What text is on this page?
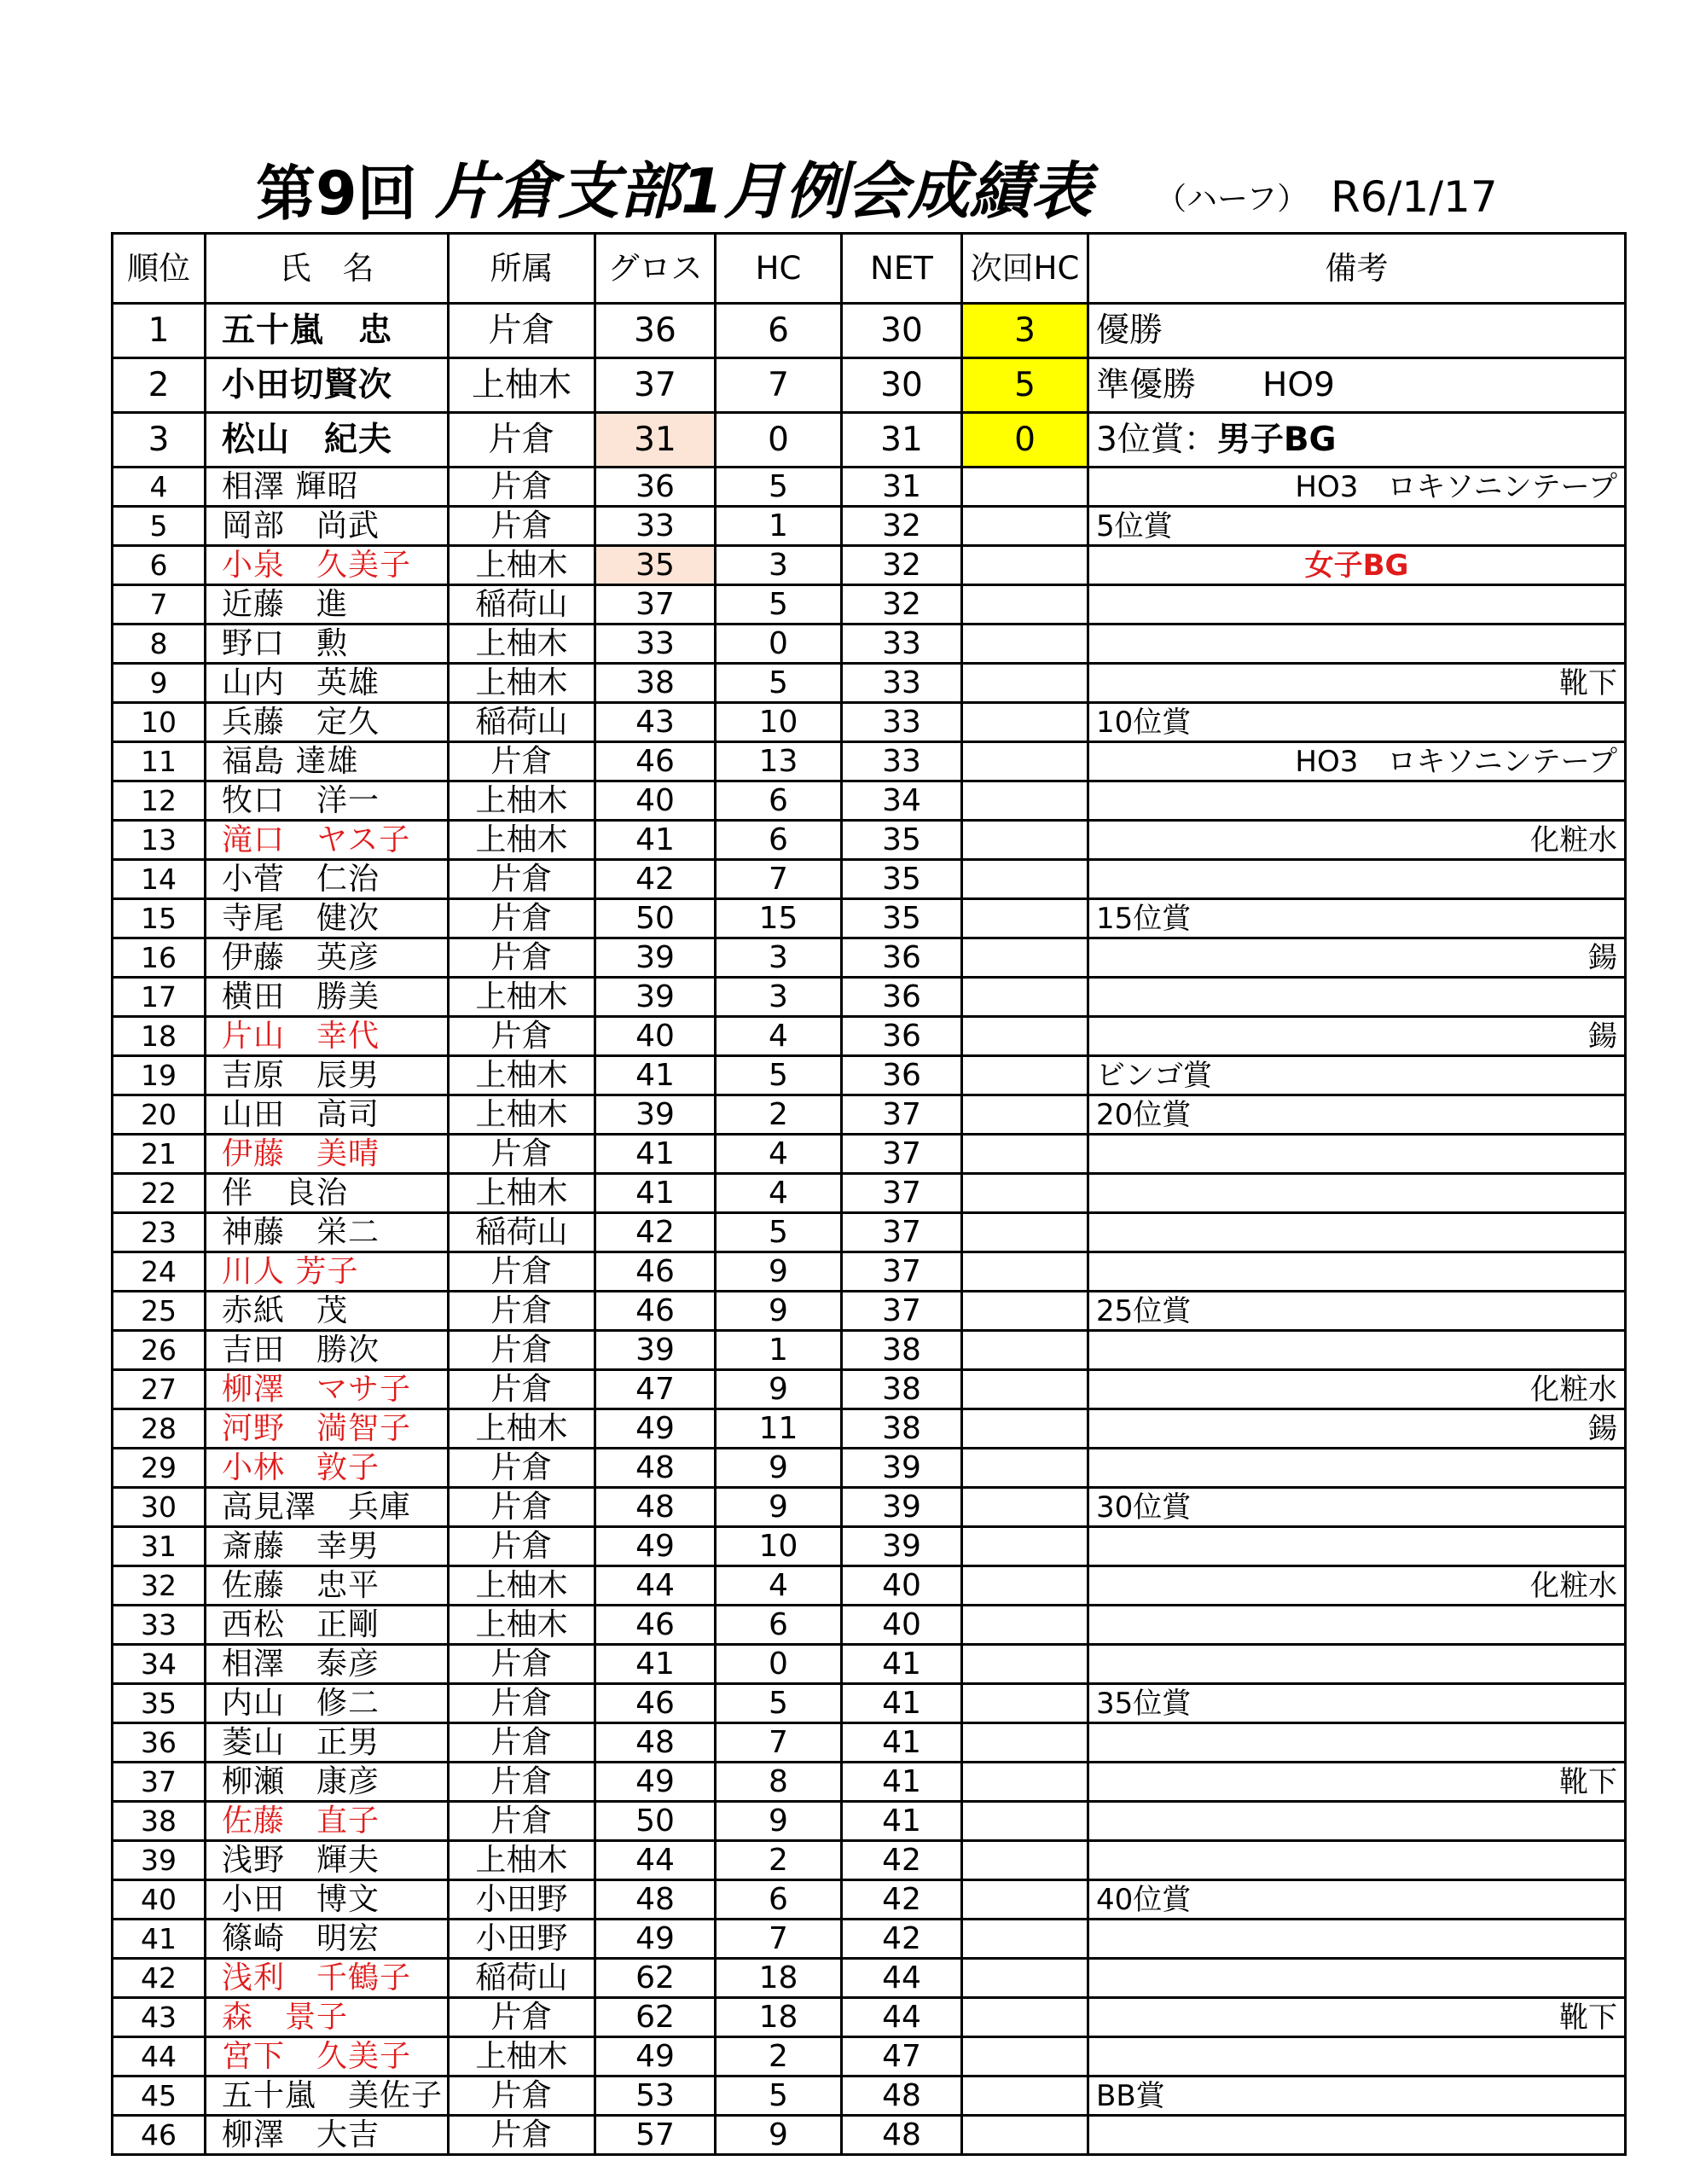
第9回 片倉支部1月例会成績表 （ハーフ） R6/1/17
順位	氏　名	所属	グロス	HC	NET	次回HC	備考
1	五十嵐　忠	片倉	36	6	30	3	優勝
2	小田切賢次	上柚木	37	7	30	5	準優勝　　HO9
3	松山　紀夫	片倉	31	0	31	0	3位賞：男子BG
4	相澤 輝昭	片倉	36	5	31		HO3　ロキソニンテープ
5	岡部　尚武	片倉	33	1	32		5位賞
6	小泉　久美子	上柚木	35	3	32		女子BG
7	近藤　進	稲荷山	37	5	32		
8	野口　勲	上柚木	33	0	33		
9	山内　英雄	上柚木	38	5	33		靴下
10	兵藤　定久	稲荷山	43	10	33		10位賞
11	福島 達雄	片倉	46	13	33		HO3　ロキソニンテープ
12	牧口　洋一	上柚木	40	6	34		
13	滝口　ヤス子	上柚木	41	6	35		化粧水
14	小菅　仁治	片倉	42	7	35		
15	寺尾　健次	片倉	50	15	35		15位賞
16	伊藤　英彦	片倉	39	3	36		鍚
17	横田　勝美	上柚木	39	3	36		
18	片山　幸代	片倉	40	4	36		鍚
19	吉原　辰男	上柚木	41	5	36		ビンゴ賞
20	山田　高司	上柚木	39	2	37		20位賞
21	伊藤　美晴	片倉	41	4	37		
22	伴　良治	上柚木	41	4	37		
23	神藤　栄二	稲荷山	42	5	37		
24	川人 芳子	片倉	46	9	37		
25	赤紙　茂	片倉	46	9	37		25位賞
26	吉田　勝次	片倉	39	1	38		
27	柳澤　マサ子	片倉	47	9	38		化粧水
28	河野　満智子	上柚木	49	11	38		鍚
29	小林　敦子	片倉	48	9	39		
30	高見澤　兵庫	片倉	48	9	39		30位賞
31	斎藤　幸男	片倉	49	10	39		
32	佐藤　忠平	上柚木	44	4	40		化粧水
33	西松　正剛	上柚木	46	6	40		
34	相澤　泰彦	片倉	41	0	41		
35	内山　修二	片倉	46	5	41		35位賞
36	菱山　正男	片倉	48	7	41		
37	柳瀬　康彦	片倉	49	8	41		靴下
38	佐藤　直子	片倉	50	9	41		
39	浅野　輝夫	上柚木	44	2	42		
40	小田　博文	小田野	48	6	42		40位賞
41	篠崎　明宏	小田野	49	7	42		
42	浅利　千鶴子	稲荷山	62	18	44		
43	森　景子	片倉	62	18	44		靴下
44	宮下　久美子	上柚木	49	2	47		
45	五十嵐　美佐子	片倉	53	5	48		BB賞
46	柳澤　大吉	片倉	57	9	48		
